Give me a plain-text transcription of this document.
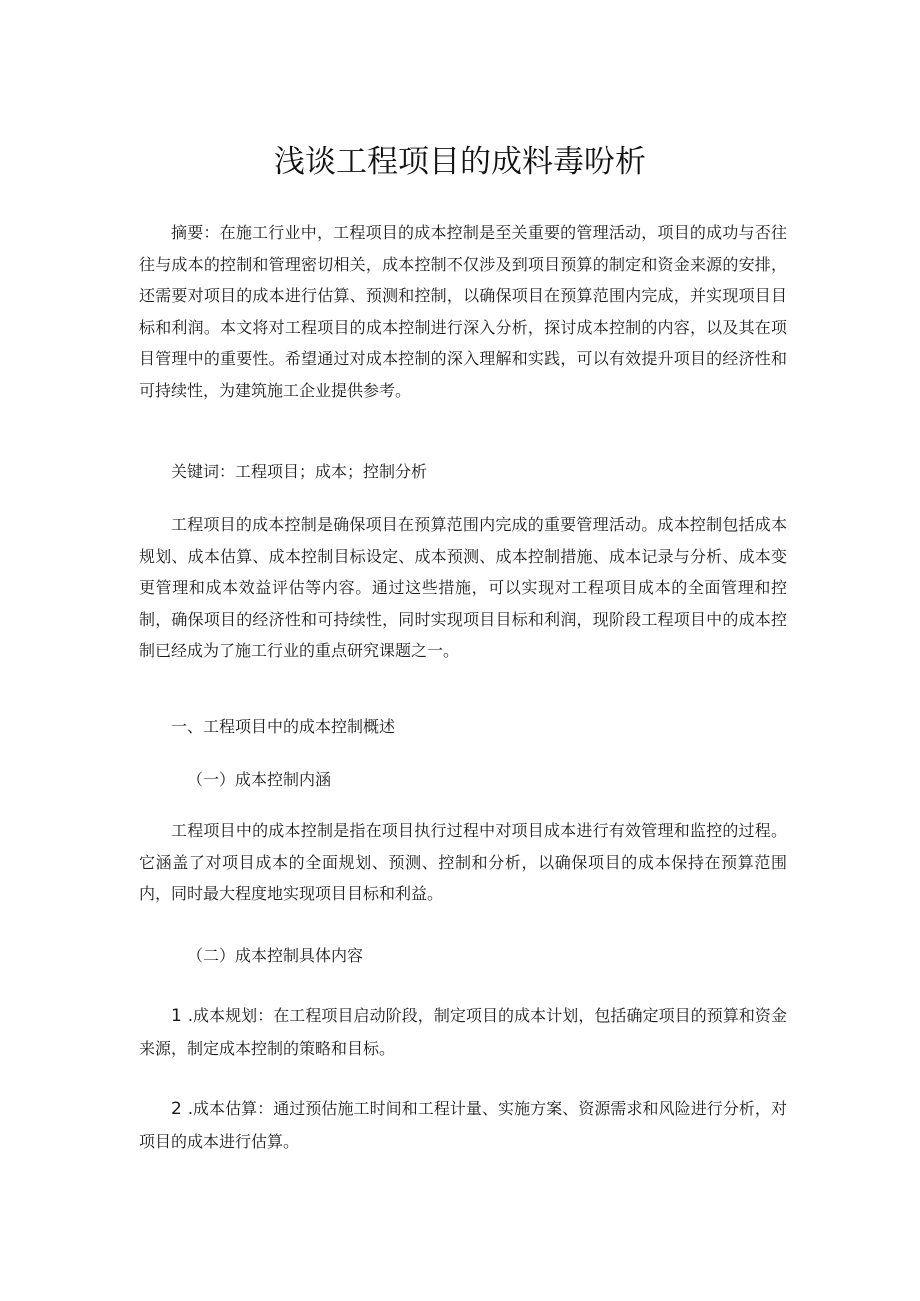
浅谈工程项目的成料毒吩析

摘要：在施工行业中，工程项目的成本控制是至关重要的管理活动，项目的成功与否往往与成本的控制和管理密切相关，成本控制不仅涉及到项目预算的制定和资金来源的安排，还需要对项目的成本进行估算、预测和控制，以确保项目在预算范围内完成，并实现项目目标和利润。本文将对工程项目的成本控制进行深入分析，探讨成本控制的内容，以及其在项目管理中的重要性。希望通过对成本控制的深入理解和实践，可以有效提升项目的经济性和可持续性，为建筑施工企业提供参考。

关键词：工程项目；成本；控制分析

工程项目的成本控制是确保项目在预算范围内完成的重要管理活动。成本控制包括成本规划、成本估算、成本控制目标设定、成本预测、成本控制措施、成本记录与分析、成本变更管理和成本效益评估等内容。通过这些措施，可以实现对工程项目成本的全面管理和控制，确保项目的经济性和可持续性，同时实现项目目标和利润，现阶段工程项目中的成本控制已经成为了施工行业的重点研究课题之一。

一、工程项目中的成本控制概述

（一）成本控制内涵

工程项目中的成本控制是指在项目执行过程中对项目成本进行有效管理和监控的过程。它涵盖了对项目成本的全面规划、预测、控制和分析，以确保项目的成本保持在预算范围内，同时最大程度地实现项目目标和利益。

（二）成本控制具体内容

1.成本规划：在工程项目启动阶段，制定项目的成本计划，包括确定项目的预算和资金来源，制定成本控制的策略和目标。

2.成本估算：通过预估施工时间和工程计量、实施方案、资源需求和风险进行分析，对项目的成本进行估算。
